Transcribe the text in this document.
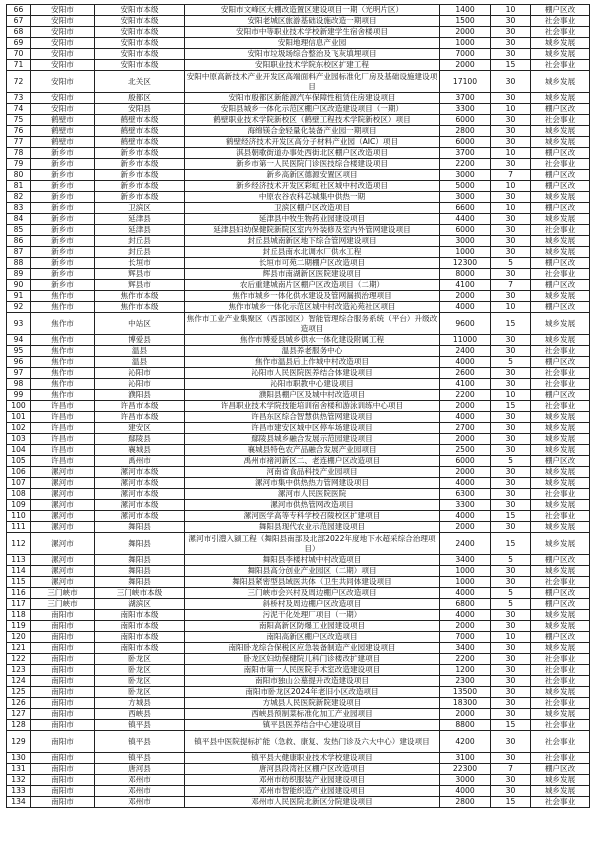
66	安阳市	安阳市本级	安阳市文峰区大棚改造置区建设项目一期（光明片区）	1400	10	棚户区改
67	安阳市	安阳市本级	安阳老城区旅游基础设施改造一期项目	1500	30	社会事业
68	安阳市	安阳市本级	安阳市中等职业技术学校新建学生宿舍楼项目	2000	30	社会事业
69	安阳市	安阳市本级	安阳地理信息产业园	1000	30	城乡发展
70	安阳市	安阳市本级	安阳市垃圾场综合整治及飞灰填埋项目	7000	30	城乡发展
71	安阳市	安阳市本级	安阳职业技术学院东校区扩建工程	2000	15	社会事业
72	安阳市	北关区	安阳中原高新技术产业开发区高端面料产业园标准化厂房及基础设施建设项目	17100	30	城乡发展
73	安阳市	殷都区	安阳市殷都区新能源汽车保障性租赁住房建设项目	3700	30	城乡发展
74	安阳市	安阳县	安阳县城乡一体化示范区棚户区改造建设项目（一期）	3300	10	棚户区改
75	鹤壁市	鹤壁市本级	鹤壁职业技术学院新校区（鹤壁工程技术学院新校区）项目	6000	30	社会事业
76	鹤壁市	鹤壁市本级	海绵镁合金轻量化装备产业园一期项目	2800	30	城乡发展
77	鹤壁市	鹤壁市本级	鹤壁经济技术开发区高分子材料产业园（AIC）项目	6000	30	城乡发展
78	新乡市	新乡市本级	淇县朝歌街道办事处西街北区棚户区改造项目	3700	10	棚户区改
79	新乡市	新乡市本级	新乡市第一人民医院门诊医技综合楼建设项目	2200	30	社会事业
80	新乡市	新乡市本级	新乡高新区德源安置区项目	3000	7	棚户区改
81	新乡市	新乡市本级	新乡经济技术开发区彩虹社区城中村改造项目	5000	10	棚户区改
82	新乡市	新乡市本级	中原农谷农科芯城集中供热一期	3000	30	城乡发展
83	新乡市	卫滨区	卫滨区棚户区改造项目	6600	10	棚户区改
84	新乡市	延津县	延津县中牧生物药业园建设项目	4400	30	城乡发展
85	新乡市	延津县	延津县妇幼保健院新院区室内外装修及室内外管网建设项目	6000	30	社会事业
86	新乡市	封丘县	封丘县城南新区地下综合管网建设项目	3000	30	城乡发展
87	新乡市	封丘县	封丘县南水北调水厂供水工程	1000	30	城乡发展
88	新乡市	长垣市	长垣市可苑二期棚户区改造项目	12300	5	棚户区改
89	新乡市	辉县市	辉县市南湖新区医院建设项目	8000	30	社会事业
90	新乡市	辉县市	农后重建城南片区棚户区改造项目（二期）	4100	7	棚户区改
91	焦作市	焦作市本级	焦作市城乡一体化供水建设及管网漏损治理项目	2000	30	城乡发展
92	焦作市	焦作市本级	焦作市城乡一体化示范区城中村改造沁苑社区项目	4000	10	棚户区改
93	焦作市	中站区	焦作市工业产业集聚区（西部园区）智能管理综合服务系统（平台）升级改造项目	9600	15	城乡发展
94	焦作市	博爱县	焦作市博爱县城乡供水一体化建设附属工程	11000	30	城乡发展
95	焦作市	温县	温县养老服务中心	2400	30	社会事业
96	焦作市	温县	焦作市温县后上作城中村改造项目	4000	5	棚户区改
97	焦作市	沁阳市	沁阳市人民医院医养结合体建设项目	2600	30	社会事业
98	焦作市	沁阳市	沁阳市职教中心建设项目	4100	30	社会事业
99	焦作市	濮阳县	濮阳县棚户区及城中村改造项目	2200	10	棚户区改
100	许昌市	许昌市本级	许昌职业技术学院技能培训宿舍楼和游泳训练中心项目	2000	15	社会事业
101	许昌市	许昌市本级	许昌东区综合智慧供热管网建设项目	4000	30	城乡发展
102	许昌市	建安区	许昌市建安区城中区停车场建设项目	2700	30	城乡发展
103	许昌市	鄢陵县	鄢陵县城乡融合发展示范园建设项目	2000	30	城乡发展
104	许昌市	襄城县	襄城县特色农产品融合发展产业园项目	2500	30	城乡发展
105	许昌市	禹州市	禹州市褚河新区二、老连棚户区改造项目	6000	5	棚户区改
106	漯河市	漯河市本级	河南省食品科技产业园项目	2000	30	城乡发展
107	漯河市	漯河市本级	漯河市集中供热热力管网建设项目	4000	30	城乡发展
108	漯河市	漯河市本级	漯河市人民医院医院	6300	30	社会事业
109	漯河市	漯河市本级	漯河市供热管网改造项目	3300	30	城乡发展
110	漯河市	漯河市本级	漯河医学高等专科学校召陵校区扩建项目	4000	15	社会事业
111	漯河市	舞阳县	舞阳县现代农业示范园建设项目	2000	30	城乡发展
112	漯河市	舞阳县	漯河市引澧入颍工程（舞阳县南部及北部2022年度地下水超采综合治理项目）	2400	15	城乡发展
113	漯河市	舞阳县	舞阳县李楼村城中村改造项目	3400	5	棚户区改
114	漯河市	舞阳县	舞阳县高分创业产业园区（二期）项目	1000	30	城乡发展
115	漯河市	舞阳县	舞阳县紧密型县域医共体（卫生共同体建设项目	1000	30	社会事业
116	三门峡市	三门峡市本级	三门峡市会兴村及周边棚户区改造项目	4000	5	棚户区改
117	三门峡市	湖滨区	斜桥村及周边棚户区改造项目	6800	5	棚户区改
118	南阳市	南阳市本级	污泥干化处理厂项目（一期）	4000	30	城乡发展
119	南阳市	南阳市本级	南阳高新区防爆工业园建设项目	2000	30	城乡发展
120	南阳市	南阳市本级	南阳高新区棚户区改造项目	7000	10	棚户区改
121	南阳市	南阳市本级	南阳卧龙综合保税区应急装备制造产业园建设项目	3400	30	城乡发展
122	南阳市	卧龙区	卧龙区妇幼保健院儿科门诊楼改扩建项目	2200	30	社会事业
123	南阳市	卧龙区	南阳市第一人民医院手术室改造建设项目	1200	30	社会事业
124	南阳市	卧龙区	南阳市独山公墓提升改造建设项目	2300	30	社会事业
125	南阳市	卧龙区	南阳市卧龙区2024年老旧小区改造项目	13500	30	城乡发展
126	南阳市	方城县	方城县人民医院新院建设项目	18300	30	社会事业
127	南阳市	西峡县	西峡县预制菜标准化加工产业园项目	2000	30	城乡发展
128	南阳市	镇平县	镇平县医养结合中心建设项目	8800	15	社会事业
129	南阳市	镇平县	镇平县中医院提标扩能（急救、康复、发热门诊及六大中心）建设项目	4200	30	社会事业
130	南阳市	镇平县	镇平县大健康职业技术学校建设项目	3100	30	社会事业
131	南阳市	唐河县	唐河县段湾社区棚户区改造项目	22300	7	棚户区改
132	南阳市	邓州市	邓州市纺织服装产业园建设项目	3000	30	城乡发展
133	南阳市	邓州市	邓州市智能织造产业园建设项目	4000	30	城乡发展
134	南阳市	邓州市	邓州市人民医院北新区分院建设项目	2800	15	社会事业
